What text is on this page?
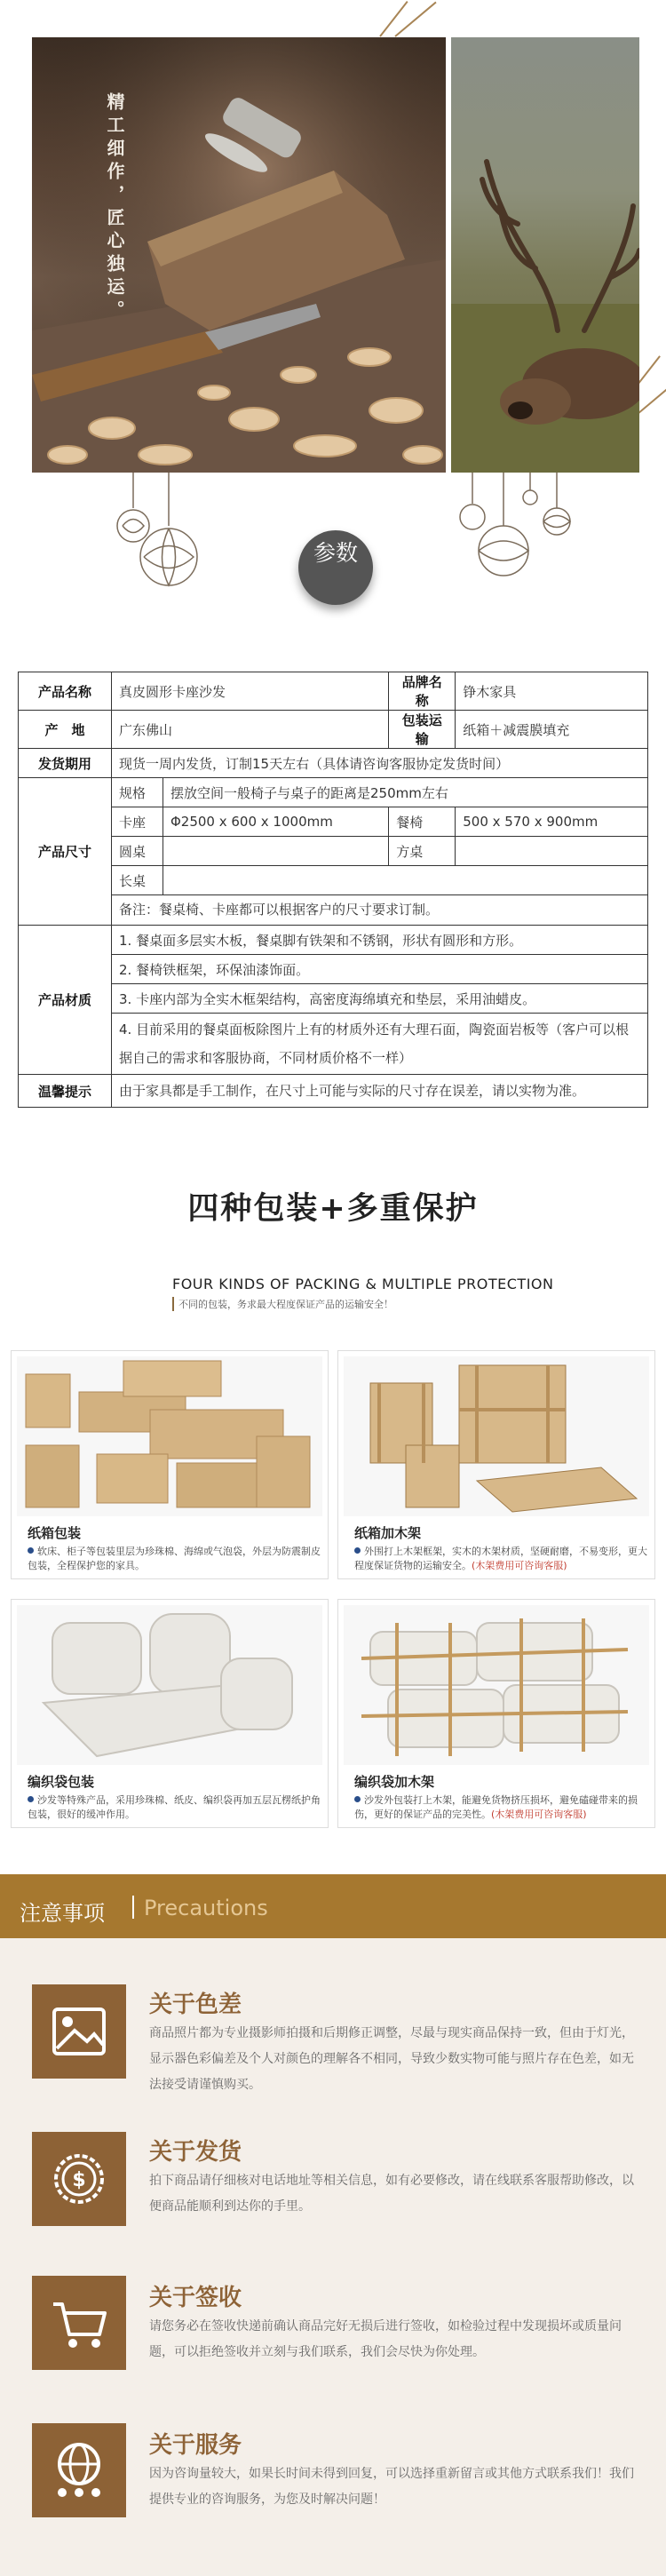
精工细作，匠心独运。
参数
产品名称	真皮圆形卡座沙发		品牌名称	铮木家具
产　地	广东佛山		包装运输	纸箱＋减震膜填充
发货期用	现货一周内发货，订制15天左右（具体请咨询客服协定发货时间）			
产品尺寸	规格	摆放空间一般椅子与桌子的距离是250mm左右		
	卡座	Φ2500 x 600 x 1000mm	餐椅	500 x 570 x 900mm
	圆桌		方桌	
	长桌			
	备注：餐桌椅、卡座都可以根据客户的尺寸要求订制。			
产品材质	1. 餐桌面多层实木板，餐桌脚有铁架和不锈钢，形状有圆形和方形。			
	2. 餐椅铁框架，环保油漆饰面。			
	3. 卡座内部为全实木框架结构，高密度海绵填充和垫层，采用油蜡皮。			
	4. 目前采用的餐桌面板除图片上有的材质外还有大理石面，陶瓷面岩板等（客户可以根据自己的需求和客服协商，不同材质价格不一样）			
温馨提示	由于家具都是手工制作，在尺寸上可能与实际的尺寸存在误差，请以实物为准。			
四种包装+多重保护
FOUR KINDS OF PACKING & MULTIPLE PROTECTION
不同的包装，务求最大程度保证产品的运输安全！
纸箱包装
软床、柜子等包装里层为珍珠棉、海绵或气泡袋，外层为防震制皮包装，全程保护您的家具。
纸箱加木架
外围打上木架框架，实木的木架材质，坚硬耐磨，不易变形，更大程度保证货物的运输安全。(木架费用可咨询客服)
编织袋包装
沙发等特殊产品，采用珍珠棉、纸皮、编织袋再加五层瓦楞纸护角包装，很好的缓冲作用。
编织袋加木架
沙发外包装打上木架，能避免货物挤压损坏，避免磕碰带来的损伤，更好的保证产品的完美性。(木架费用可咨询客服)
注意事项 Precautions
关于色差
商品照片都为专业摄影师拍摄和后期修正调整，尽最与现实商品保持一致，但由于灯光，显示器色彩偏差及个人对颜色的理解各不相同，导致少数实物可能与照片存在色差，如无法接受请谨慎购买。
$
关于发货
拍下商品请仔细核对电话地址等相关信息，如有必要修改，请在线联系客服帮助修改，以便商品能顺利到达你的手里。
关于签收
请您务必在签收快递前确认商品完好无损后进行签收，如检验过程中发现损坏或质量问题，可以拒绝签收并立刻与我们联系，我们会尽快为你处理。
关于服务
因为咨询量较大，如果长时间未得到回复，可以选择重新留言或其他方式联系我们！我们提供专业的咨询服务，为您及时解决问题！
